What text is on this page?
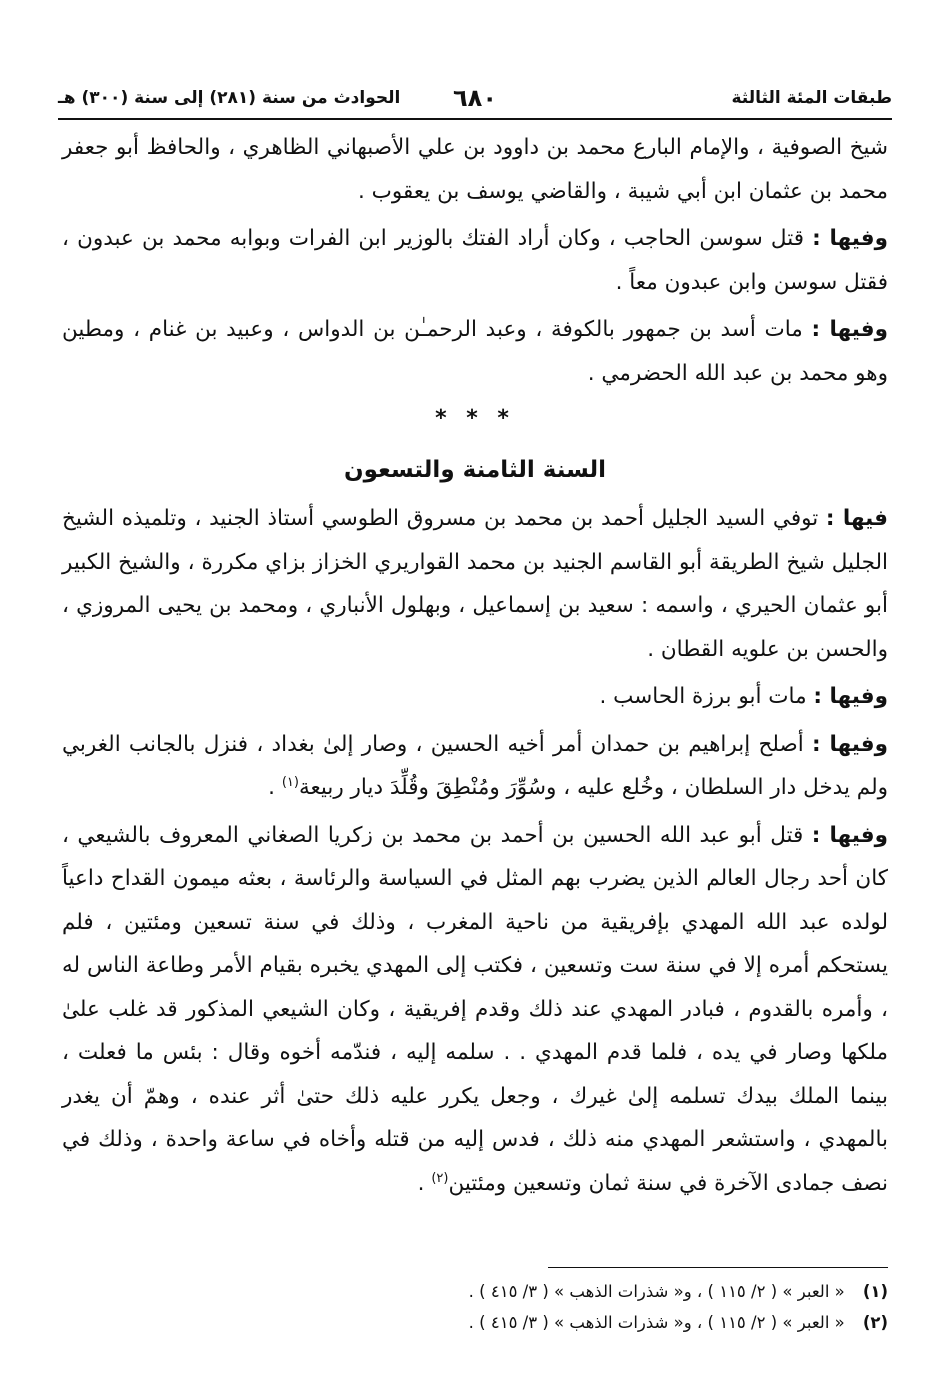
طبقات المئة الثالثة
٦٨٠
الحوادث من سنة (٢٨١) إلى سنة (٣٠٠) هـ

شيخ الصوفية ، والإمام البارع محمد بن داوود بن علي الأصبهاني الظاهري ، والحافظ أبو جعفر محمد بن عثمان ابن أبي شيبة ، والقاضي يوسف بن يعقوب .

وفيها : قتل سوسن الحاجب ، وكان أراد الفتك بالوزير ابن الفرات وبوابه محمد بن عبدون ، فقتل سوسن وابن عبدون معاً .

وفيها : مات أسد بن جمهور بالكوفة ، وعبد الرحمـٰن بن الدواس ، وعبيد بن غنام ، ومطين وهو محمد بن عبد الله الحضرمي .

* * *
السنة الثامنة والتسعون

فيها : توفي السيد الجليل أحمد بن محمد بن مسروق الطوسي أستاذ الجنيد ، وتلميذه الشيخ الجليل شيخ الطريقة أبو القاسم الجنيد بن محمد القواريري الخزاز بزاي مكررة ، والشيخ الكبير أبو عثمان الحيري ، واسمه : سعيد بن إسماعيل ، وبهلول الأنباري ، ومحمد بن يحيى المروزي ، والحسن بن علويه القطان .

وفيها : مات أبو برزة الحاسب .

وفيها : أصلح إبراهيم بن حمدان أمر أخيه الحسين ، وصار إلىٰ بغداد ، فنزل بالجانب الغربي ولم يدخل دار السلطان ، وخُلع عليه ، وسُوِّرَ ومُنْطِقَ وقُلِّدَ ديار ربيعة$^{(١)}$ .

وفيها : قتل أبو عبد الله الحسين بن أحمد بن محمد بن زكريا الصغاني المعروف بالشيعي ، كان أحد رجال العالم الذين يضرب بهم المثل في السياسة والرئاسة ، بعثه ميمون القداح داعياً لولده عبد الله المهدي بإفريقية من ناحية المغرب ، وذلك في سنة تسعين ومئتين ، فلم يستحكم أمره إلا في سنة ست وتسعين ، فكتب إلى المهدي يخبره بقيام الأمر وطاعة الناس له ، وأمره بالقدوم ، فبادر المهدي عند ذلك وقدم إفريقية ، وكان الشيعي المذكور قد غلب علىٰ ملكها وصار في يده ، فلما قدم المهدي . . سلمه إليه ، فندّمه أخوه وقال : بئس ما فعلت ، بينما الملك بيدك تسلمه إلىٰ غيرك ، وجعل يكرر عليه ذلك حتىٰ أثر عنده ، وهمّ أن يغدر بالمهدي ، واستشعر المهدي منه ذلك ، فدس إليه من قتله وأخاه في ساعة واحدة ، وذلك في نصف جمادى الآخرة في سنة ثمان وتسعين ومئتين$^{(٢)}$ .

(١) « العبر » ( ٢/ ١١٥ ) ، و« شذرات الذهب » ( ٣/ ٤١٥ ) .
(٢) « العبر » ( ٢/ ١١٥ ) ، و« شذرات الذهب » ( ٣/ ٤١٥ ) .
